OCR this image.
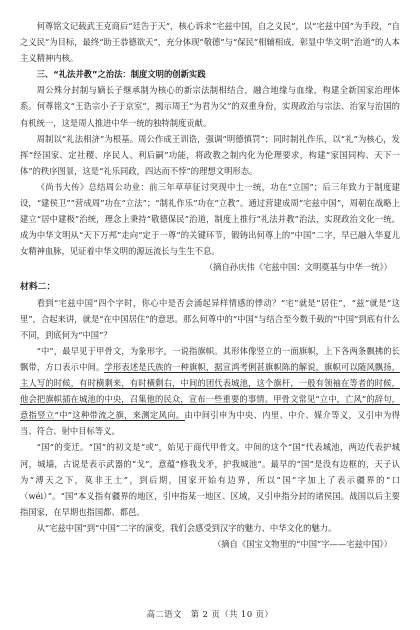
何尊铭文记载武王克商后“廷告于天”，核心诉求“宅兹中国，自之义民”，以“宅兹中国”为手段，“自之义民”为目标，最终“助王恭德欲天”，充分体现“敬德”与“保民”相辅相成，彰显中华文明“治道”的人本主义精神内核。

三、“礼法并教”之治法：制度文明的创新实践

周公殊分封制与嫡长子继承制为核心的新宗法制相结合，融合地缘与血缘，构建全新国家治理体系。何尊铭文“王诰宗小子于京室”，揭示周王“为君为父”的双重身份，实现政治与宗法、治家与治国的有机统一，这是周人推进中华一统的独特制度贡献。

周制以“礼法相济”为根基。周公作成王训诰，强调“明德慎罚”；同时制礼作乐，以“礼”为核心，发挥“经国家、定社稷、序民人、利后嗣”功能，将政教之制内化为伦理要求，构建“家国同构、天下一体”的秩序图景，这是“礼乐同政，四达而不悖”的理想文明形态。

《尚书大传》总结周公功业：前三年草草征讨突现中土一统，功在“立国”；后三年致力于制度建设，“建侯卫”“营成周”功在“立法”；“制礼作乐”功在“立教”。通过营建成周“宅兹中国”，周朝在战略上建立“居中建极”治统，理念上秉持“敬德保民”治道，制度上推行“礼法并教”治法，实现政治文化一统。成为中华文明从“天下万邦”走向“定于一尊”的关键环节，锻铸出何尊上的“中国”二字，早已融入华夏儿女精神血脉，见证着中华文明的源远流长与生生不息。

（摘自孙庆伟《宅兹中国：文明奠基与中华一统》）

材料二：

看到“宅兹中国”四个字时，你心中是否会涌起异样情感的悸动？“宅”就是“居住”，“兹”就是“这里”，合起来讲，就是“在中国居住”的意思。那么何尊中的“中国”与结合至今数千载的“中国”到底有什么不同，到底何为“中国”？

“中”，最早见于甲骨文，为象形字，一说指旗帜。其形体像竖立的一面旗帜，上下各两条飘拂的长飘带，方口表示中间。学形表述是氏族的一种旗帜，据宣鸿考俐甚旗帜陈的解说，旗帜可以随风飘扬，主人写的时候，有时横剩来，有时横剩右，中间的团代表城池，这个旗杆，一般有领袖在等者的时候，他会把旗帜插在城池的中央，召集他的民众，宣布一些重要的事情。甲骨文常见“立中，亡风”的辞句，意指竖立“中”这种带流之旗，来测定风向。由中间引申为中央、内里、中介、媒介等义，又引申为得当、符合、射中目标等义。

“国”的变迁。“国”的初文是“或”，始见于商代甲骨文。中间的这个“国”代表城池，两边代表护城河，城墙，古说是表示武器的“戈”，意蕴“修我戈矛，护我城池”。最早的“国”是没有边框的，天子认为“溥天之下，莫非王土”，到后期，国家开始有边界，所以“国”字加上了表示疆界的“口（wéi）”。“国”本义指有疆界的地区，引申指某一地区、区域，又引申指分封的诸侯国。战国以后主要指国家，在早期也指国都、都邑。

从“宅兹中国”到“中国”二字的演变，我们会感受到汉字的魅力、中华文化的魅力。

（摘自《国宝文物里的“中国”字——宅兹中国》）

高二语文　第 2 页（共 10 页）
